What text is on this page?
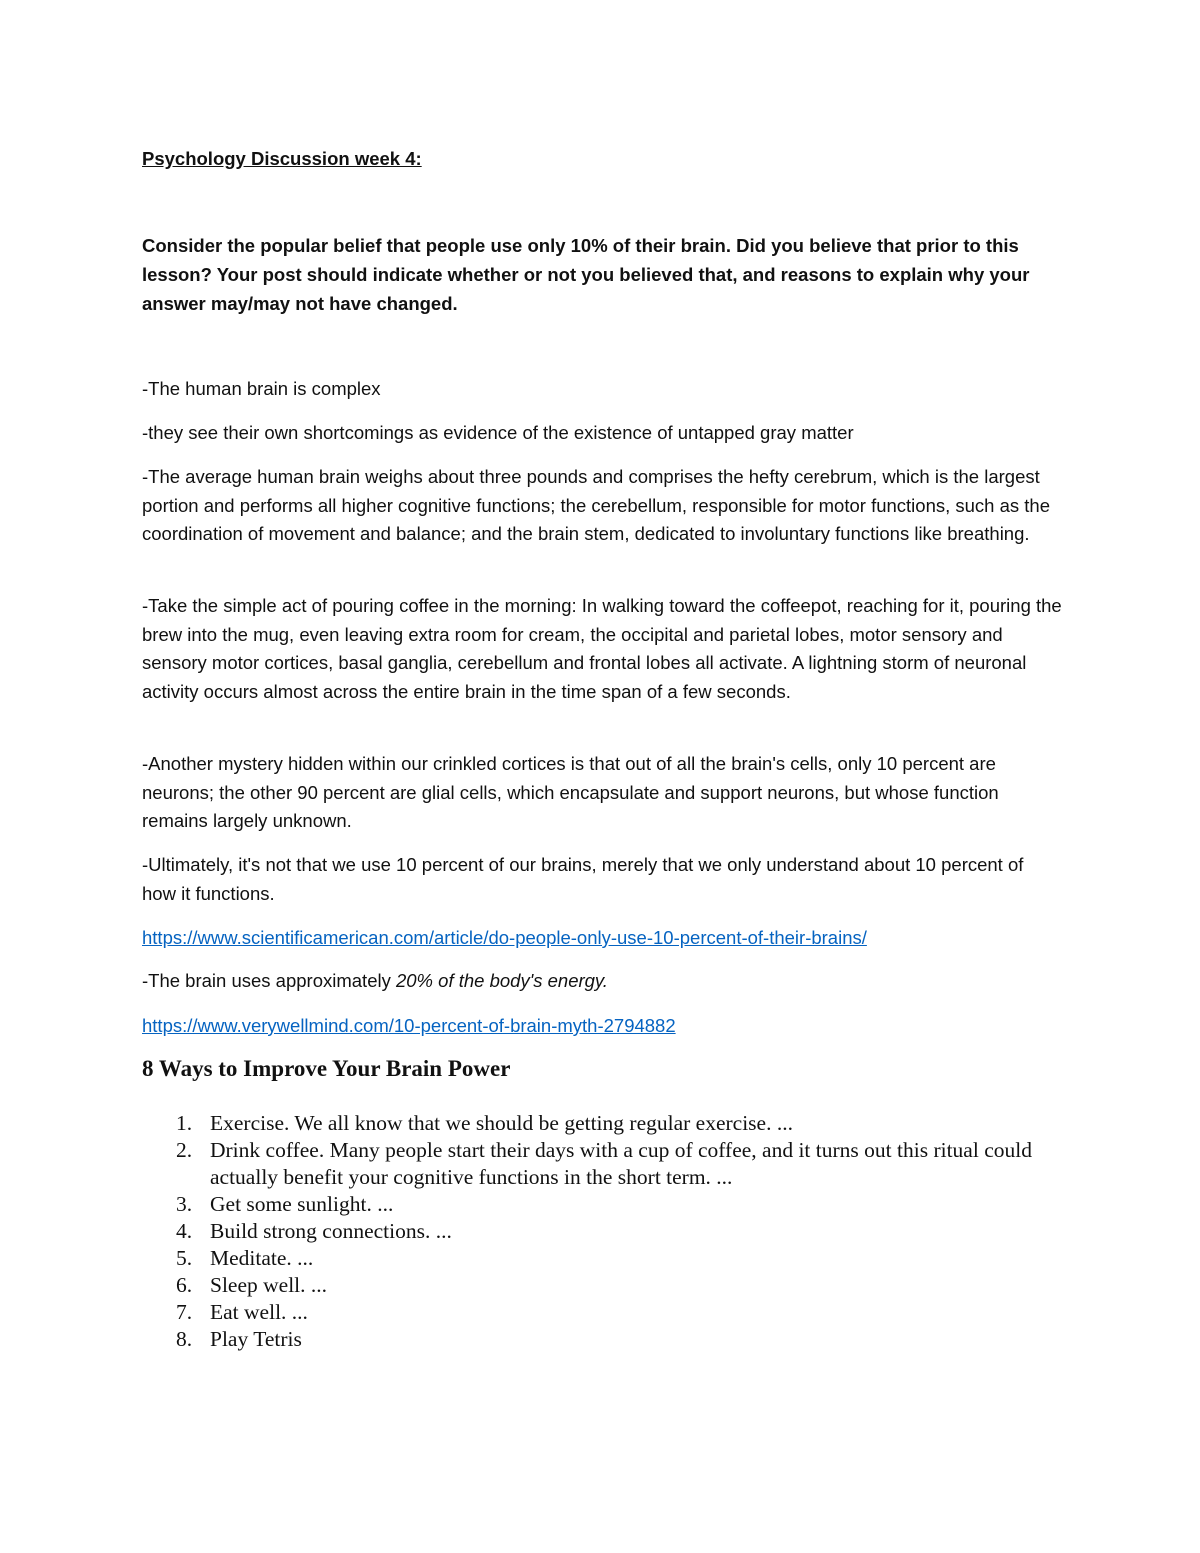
Psychology Discussion week 4:
Consider the popular belief that people use only 10% of their brain. Did you believe that prior to this lesson? Your post should indicate whether or not you believed that, and reasons to explain why your answer may/may not have changed.
-The human brain is complex
-they see their own shortcomings as evidence of the existence of untapped gray matter
-The average human brain weighs about three pounds and comprises the hefty cerebrum, which is the largest portion and performs all higher cognitive functions; the cerebellum, responsible for motor functions, such as the coordination of movement and balance; and the brain stem, dedicated to involuntary functions like breathing.
-Take the simple act of pouring coffee in the morning: In walking toward the coffeepot, reaching for it, pouring the brew into the mug, even leaving extra room for cream, the occipital and parietal lobes, motor sensory and sensory motor cortices, basal ganglia, cerebellum and frontal lobes all activate. A lightning storm of neuronal activity occurs almost across the entire brain in the time span of a few seconds.
-Another mystery hidden within our crinkled cortices is that out of all the brain's cells, only 10 percent are neurons; the other 90 percent are glial cells, which encapsulate and support neurons, but whose function remains largely unknown.
-Ultimately, it's not that we use 10 percent of our brains, merely that we only understand about 10 percent of how it functions.
https://www.scientificamerican.com/article/do-people-only-use-10-percent-of-their-brains/
-The brain uses approximately 20% of the body's energy.
https://www.verywellmind.com/10-percent-of-brain-myth-2794882
8 Ways to Improve Your Brain Power
1. Exercise. We all know that we should be getting regular exercise. ...
2. Drink coffee. Many people start their days with a cup of coffee, and it turns out this ritual could actually benefit your cognitive functions in the short term. ...
3. Get some sunlight. ...
4. Build strong connections. ...
5. Meditate. ...
6. Sleep well. ...
7. Eat well. ...
8. Play Tetris
